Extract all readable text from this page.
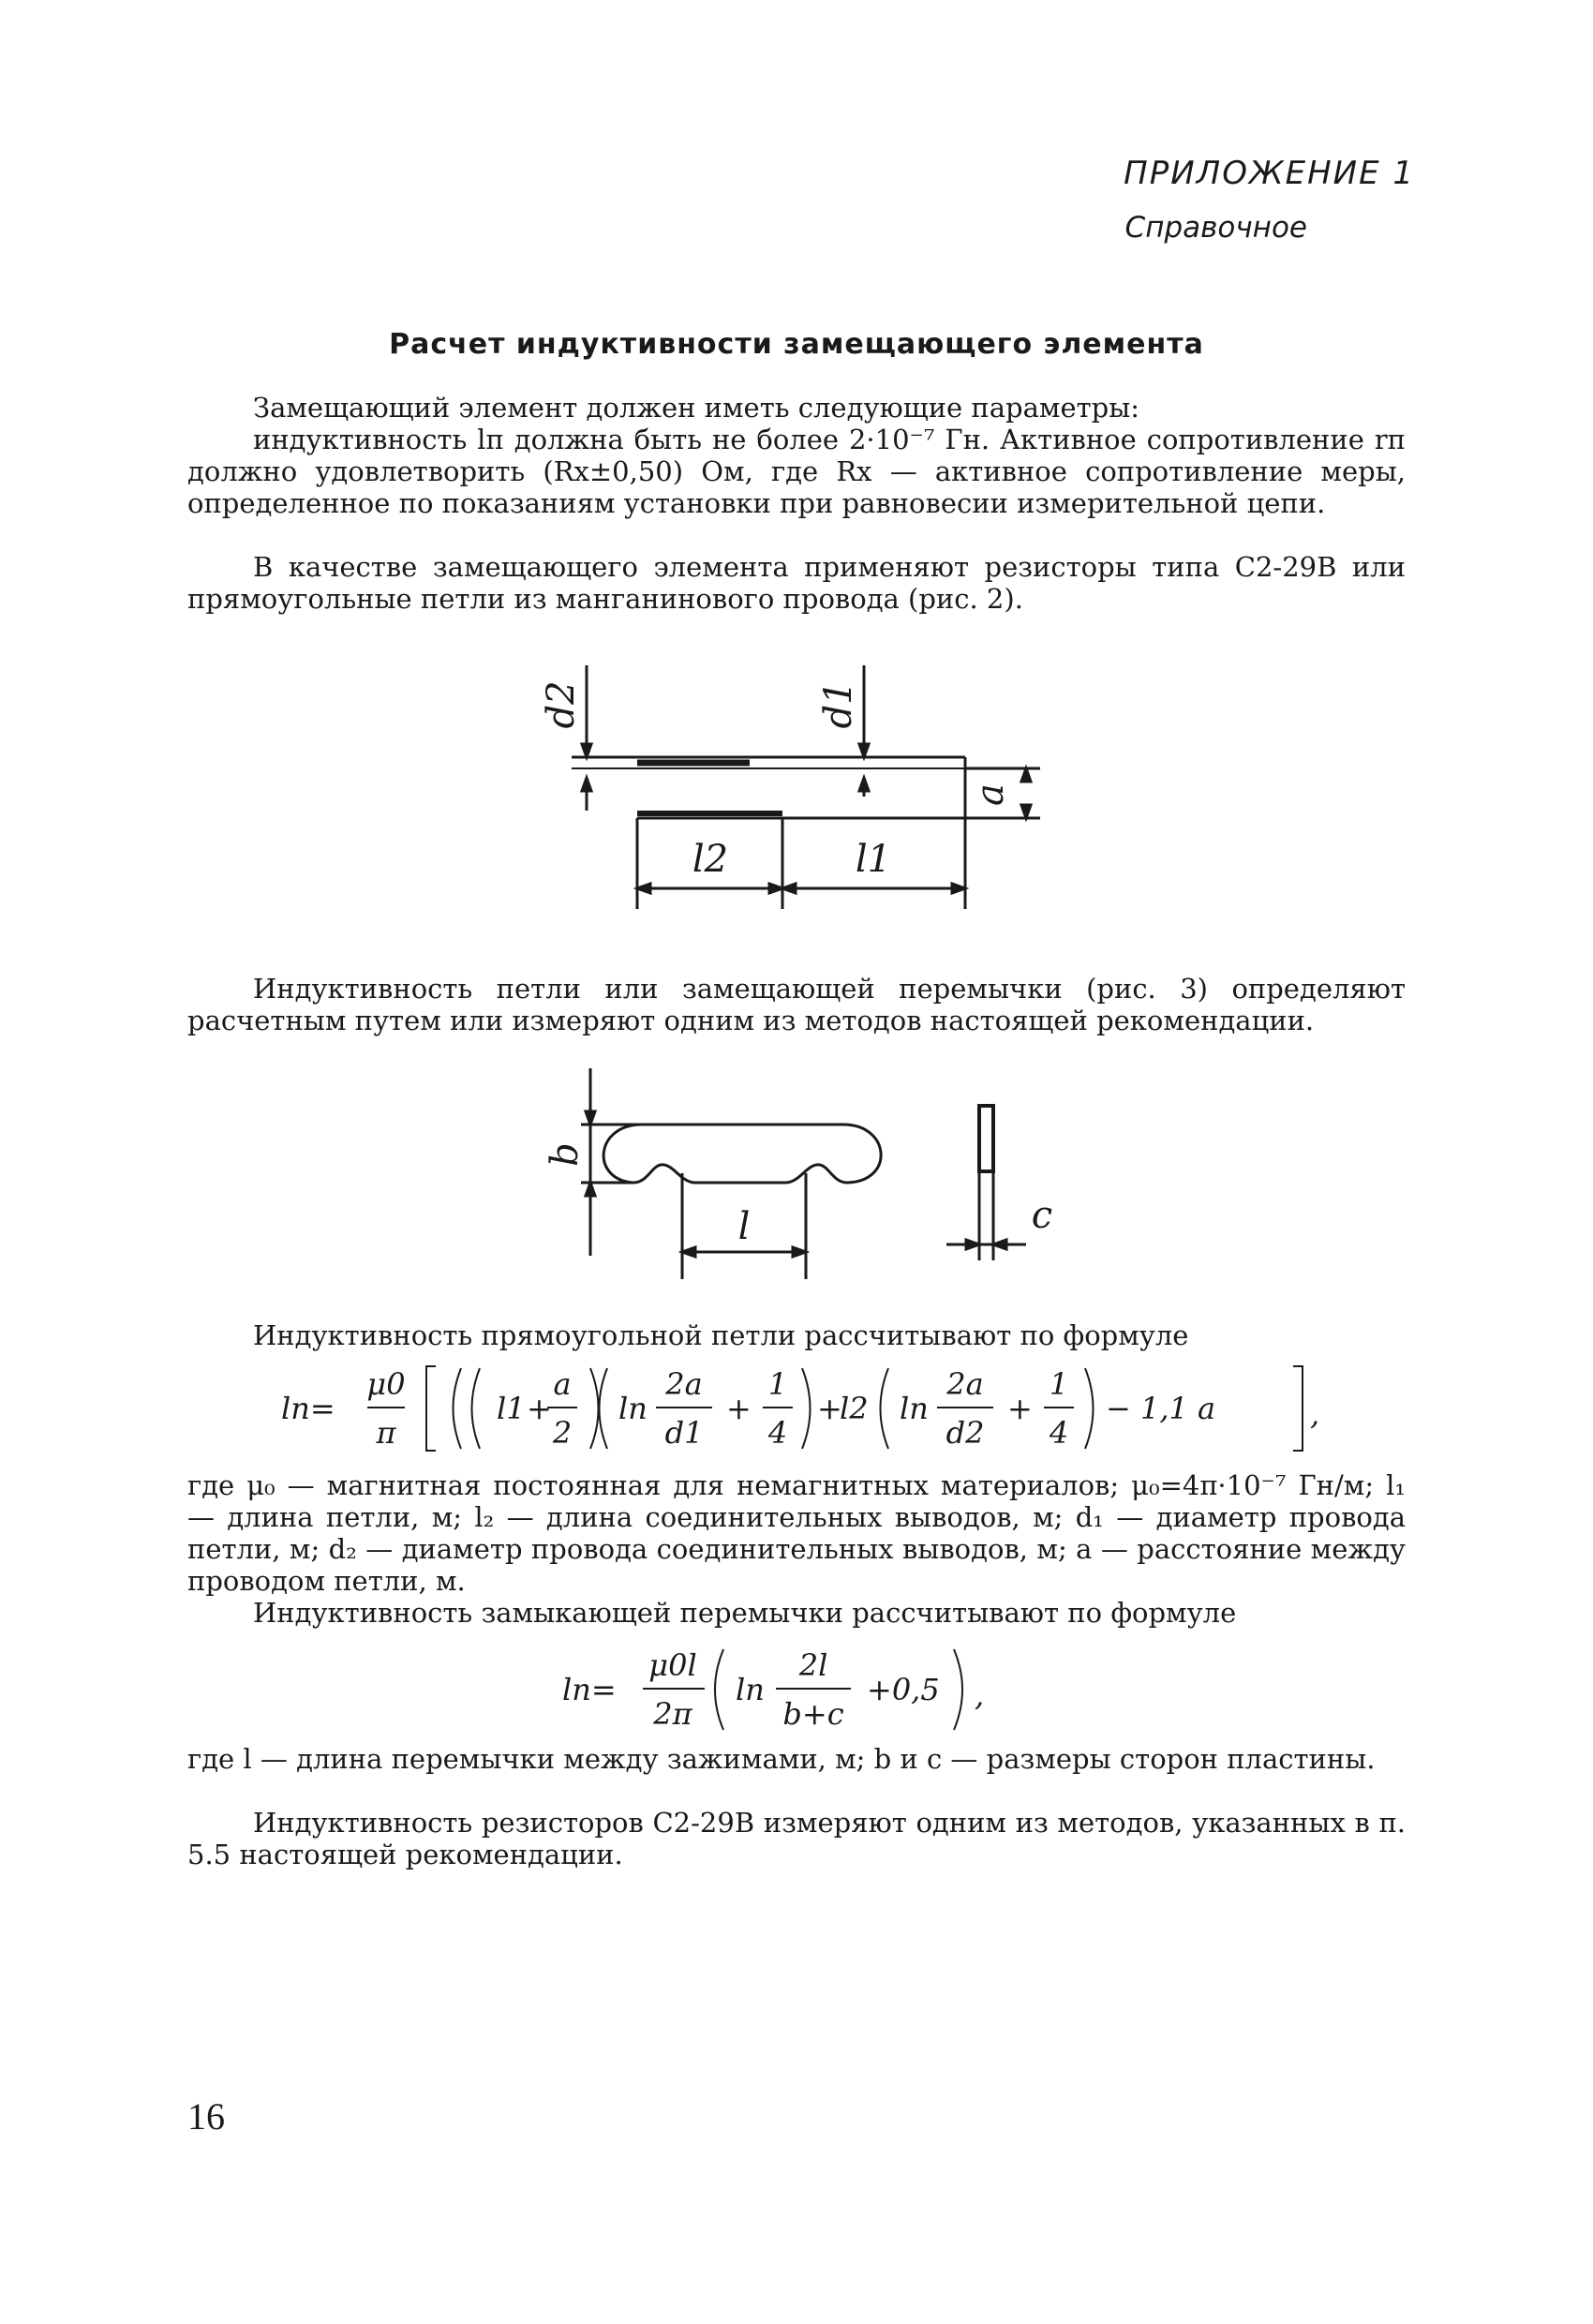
ПРИЛОЖЕНИЕ 1
Справочное
Расчет индуктивности замещающего элемента
Замещающий элемент должен иметь следующие параметры:
индуктивность lп должна быть не более 2·10⁻⁷ Гн. Активное сопротивление rп должно удовлетворить (Rx±0,50) Ом, где Rx — активное сопротивление меры, определенное по показаниям установки при равновесии измерительной цепи.
В качестве замещающего элемента применяют резисторы типа С2-29В или прямоугольные петли из манганинового провода (рис. 2).
d2	d1
a
l2	l1
Индуктивность петли или замещающей перемычки (рис. 3) определяют расчетным путем или измеряют одним из методов настоящей рекомендации.
b
l	c
Индуктивность прямоугольной петли рассчитывают по формуле
lп=
μ0
π
l1 +
a
2
ln
2a
d1
+
1
4
+
l2 ln
2a
d2
+
1
4
− 1,1 a	,
где μ₀ — магнитная постоянная для немагнитных материалов; μ₀=4π·10⁻⁷ Гн/м; l₁ — длина петли, м; l₂ — длина соединительных выводов, м; d₁ — диаметр провода петли, м; d₂ — диаметр провода соединительных выводов, м; a — расстояние между проводом петли, м.
Индуктивность замыкающей перемычки рассчитывают по формуле
lп=
μ0l
2π
ln
2l
b+c
+0,5 ,
где l — длина перемычки между зажимами, м; b и c — размеры сторон пластины.
Индуктивность резисторов С2-29В измеряют одним из методов, указанных в п. 5.5 настоящей рекомендации.
16
